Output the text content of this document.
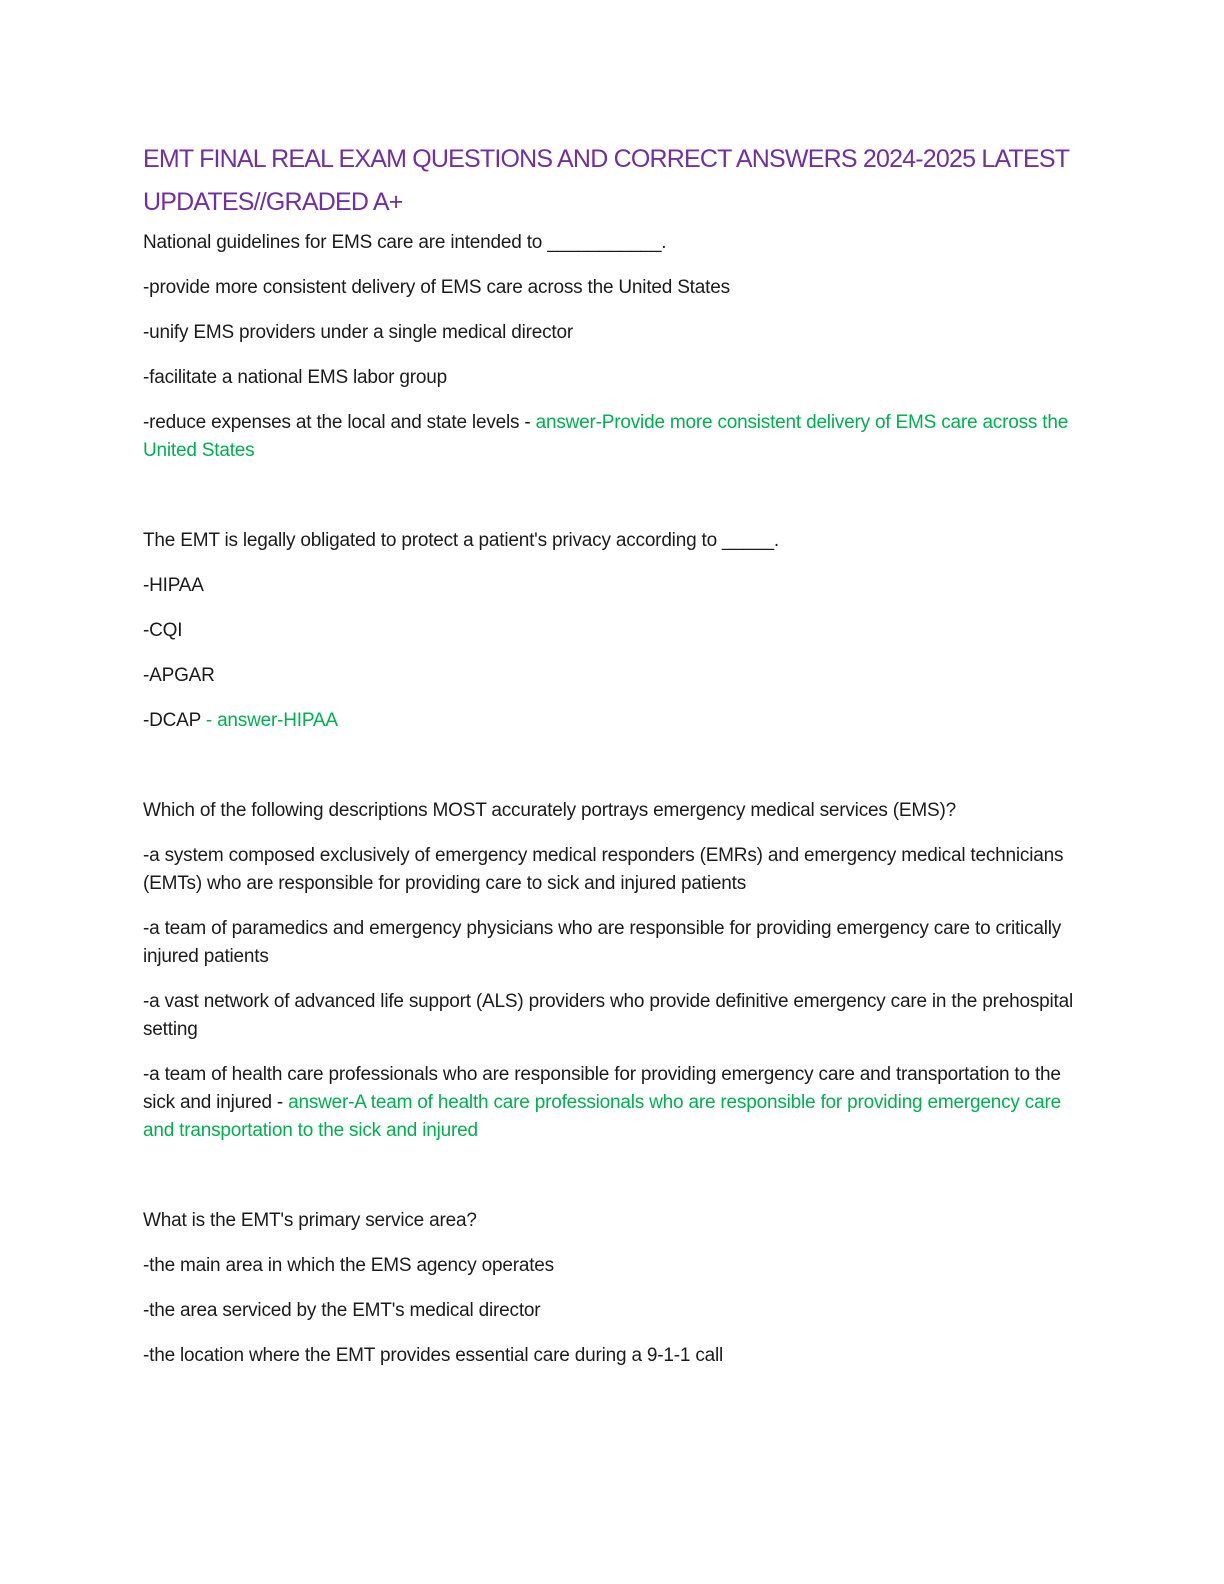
EMT FINAL REAL EXAM QUESTIONS AND CORRECT ANSWERS 2024-2025 LATEST
UPDATES//GRADED A+

National guidelines for EMS care are intended to ___________.

-provide more consistent delivery of EMS care across the United States

-unify EMS providers under a single medical director

-facilitate a national EMS labor group

-reduce expenses at the local and state levels - answer-Provide more consistent delivery of EMS care across the United States

The EMT is legally obligated to protect a patient's privacy according to _____.

-HIPAA

-CQI

-APGAR

-DCAP - answer-HIPAA

Which of the following descriptions MOST accurately portrays emergency medical services (EMS)?

-a system composed exclusively of emergency medical responders (EMRs) and emergency medical technicians (EMTs) who are responsible for providing care to sick and injured patients

-a team of paramedics and emergency physicians who are responsible for providing emergency care to critically injured patients

-a vast network of advanced life support (ALS) providers who provide definitive emergency care in the prehospital setting

-a team of health care professionals who are responsible for providing emergency care and transportation to the sick and injured - answer-A team of health care professionals who are responsible for providing emergency care and transportation to the sick and injured

What is the EMT's primary service area?

-the main area in which the EMS agency operates

-the area serviced by the EMT's medical director

-the location where the EMT provides essential care during a 9-1-1 call
